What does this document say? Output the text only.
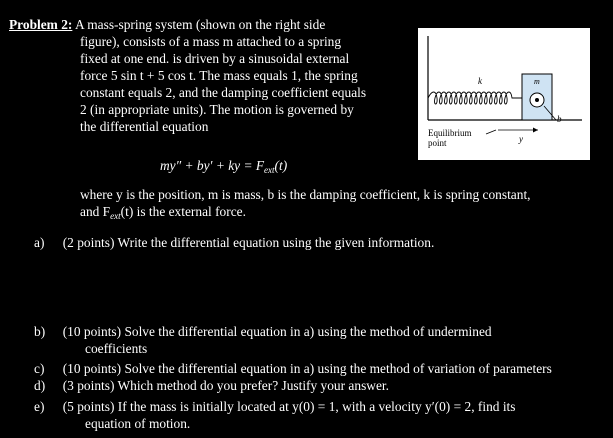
Problem 2: A mass-spring system (shown on the right side
figure), consists of a mass m attached to a spring
fixed at one end. is driven by a sinusoidal external
force 5 sin t + 5 cos t. The mass equals 1, the spring
constant equals 2, and the damping coefficient equals
2 (in appropriate units). The motion is governed by
the differential equation
k	m
b
Equilibrium
point	y
my″ + by′ + ky = $F_{ext}(t)$
where y is the position, m is mass, b is the damping coefficient, k is spring constant,
and $F_{ext}(t)$ is the external force.
a) (2 points) Write the differential equation using the given information.
b) (10 points) Solve the differential equation in a) using the method of undermined
coefficients
c) (10 points) Solve the differential equation in a) using the method of variation of parameters
d) (3 points) Which method do you prefer? Justify your answer.
e) (5 points) If the mass is initially located at y(0) = 1, with a velocity y′(0) = 2, find its
equation of motion.
